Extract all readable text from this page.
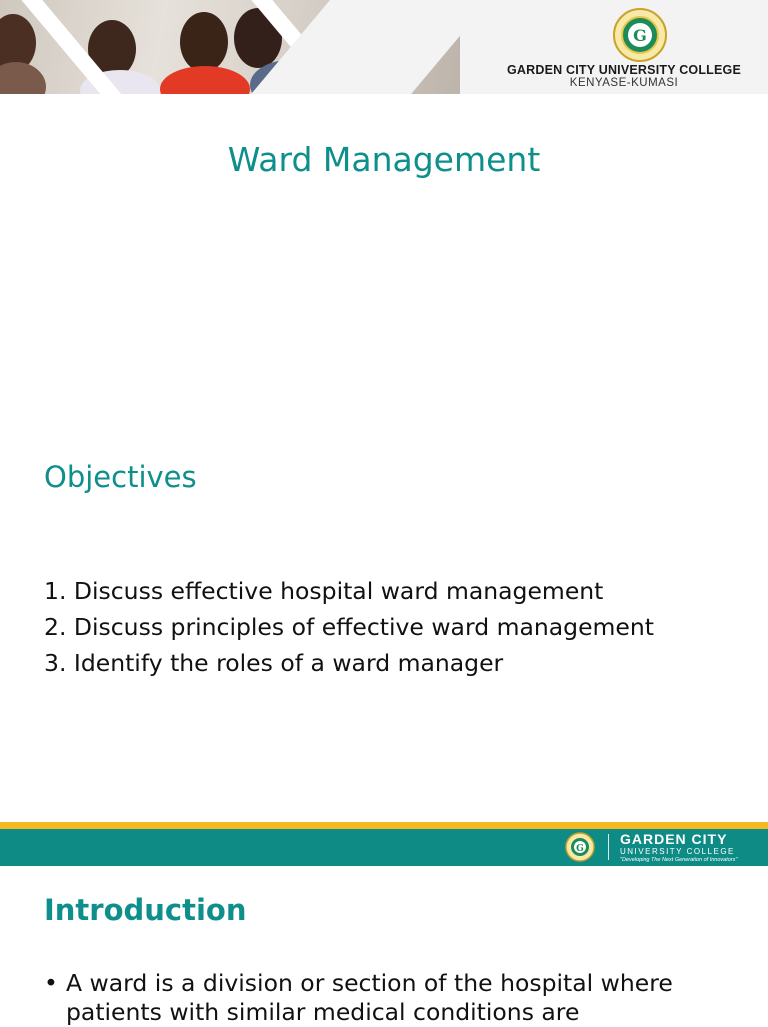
G
GARDEN CITY UNIVERSITY COLLEGE
KENYASE-KUMASI
Ward Management
Objectives
1. Discuss effective hospital ward management
2. Discuss principles of effective ward management
3. Identify the roles of a ward manager
G
GARDEN CITY
UNIVERSITY COLLEGE
"Developing The Next Generation of Innovators"
Introduction
• A ward is a division or section of the hospital where patients with similar medical conditions are
